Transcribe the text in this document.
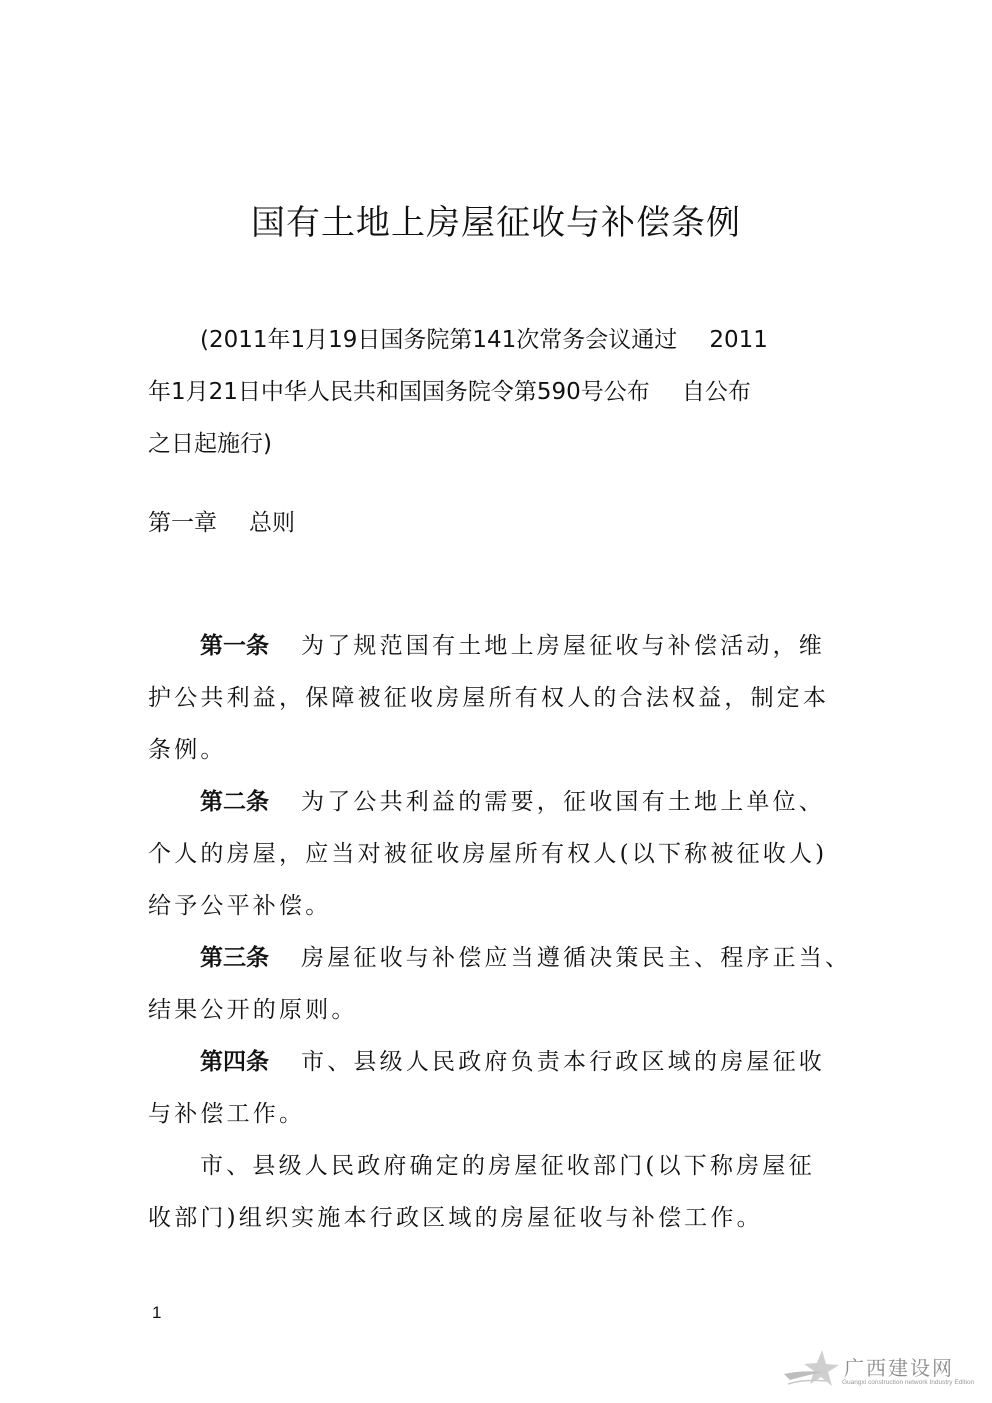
国有土地上房屋征收与补偿条例
(2011年1月19日国务院第141次常务会议通过 2011
年1月21日中华人民共和国国务院令第590号公布 自公布
之日起施行)
第一章 总则
第一条 为了规范国有土地上房屋征收与补偿活动，维
护公共利益，保障被征收房屋所有权人的合法权益，制定本
条例。
第二条 为了公共利益的需要，征收国有土地上单位、
个人的房屋，应当对被征收房屋所有权人(以下称被征收人)
给予公平补偿。
第三条 房屋征收与补偿应当遵循决策民主、程序正当、
结果公开的原则。
第四条 市、县级人民政府负责本行政区域的房屋征收
与补偿工作。
市、县级人民政府确定的房屋征收部门(以下称房屋征
收部门)组织实施本行政区域的房屋征收与补偿工作。
1
广西建设网
Guangxi construction network Industry Edition
